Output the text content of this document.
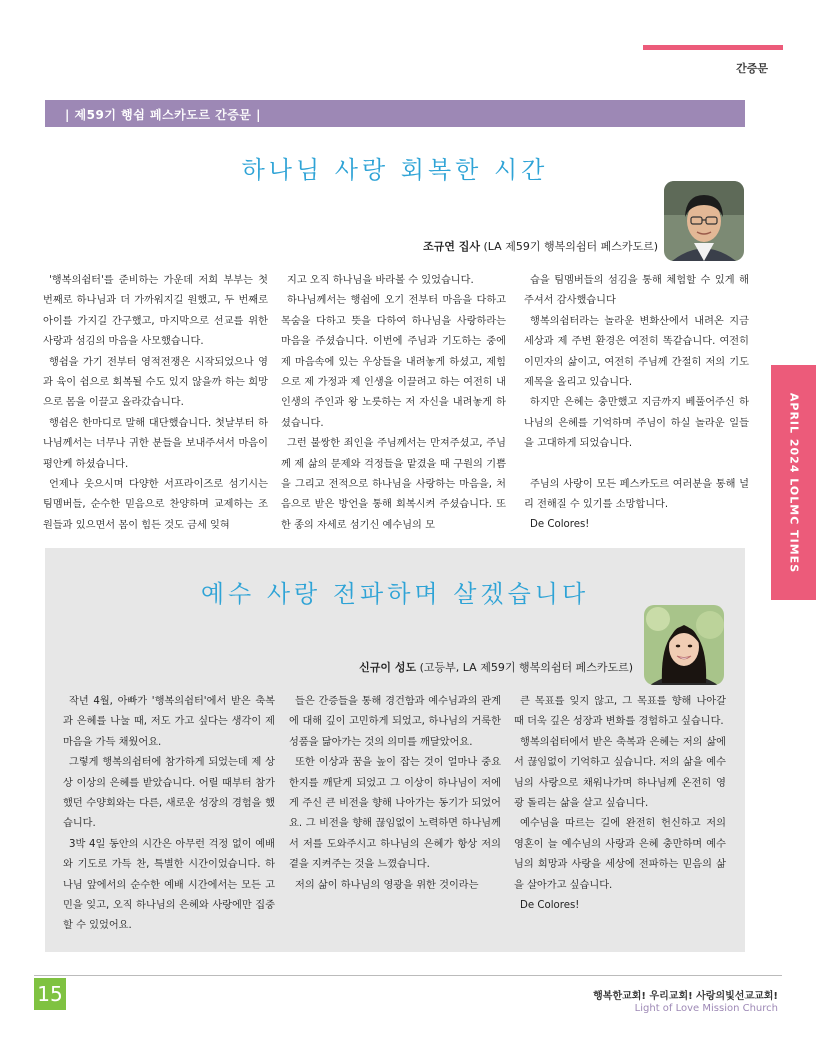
간증문
| 제59기 행쉼 페스카도르 간증문 |
하나님 사랑 회복한 시간
조규연 집사 (LA 제59기 행복의쉼터 페스카도르)

'행복의쉼터'를 준비하는 가운데 저희 부부는 첫 번째로 하나님과 더 가까워지길 원했고, 두 번째로 아이를 가지길 간구했고, 마지막으로 선교를 위한 사랑과 섬김의 마음을 사모했습니다.

행쉼을 가기 전부터 영적전쟁은 시작되었으나 영과 육이 쉼으로 회복될 수도 있지 않을까 하는 희망으로 몸을 이끌고 올라갔습니다.

행쉼은 한마디로 말해 대단했습니다. 첫날부터 하나님께서는 너무나 귀한 분들을 보내주셔서 마음이 평안케 하셨습니다.

언제나 웃으시며 다양한 서프라이즈로 섬기시는 팀멤버들, 순수한 믿음으로 찬양하며 교제하는 조원들과 있으면서 몸이 힘든 것도 금세 잊혀

지고 오직 하나님을 바라볼 수 있었습니다.

하나님께서는 행쉼에 오기 전부터 마음을 다하고 목숨을 다하고 뜻을 다하여 하나님을 사랑하라는 마음을 주셨습니다. 이번에 주님과 기도하는 중에 제 마음속에 있는 우상들을 내려놓게 하셨고, 제힘으로 제 가정과 제 인생을 이끌려고 하는 여전히 내 인생의 주인과 왕 노릇하는 저 자신을 내려놓게 하셨습니다.

그런 불쌍한 죄인을 주님께서는 만져주셨고, 주님께 제 삶의 문제와 걱정들을 맡겼을 때 구원의 기쁨을 그리고 전적으로 하나님을 사랑하는 마음을, 처음으로 받은 방언을 통해 회복시켜 주셨습니다. 또한 종의 자세로 섬기신 예수님의 모

습을 팀멤버들의 섬김을 통해 체험할 수 있게 해주셔서 감사했습니다

행복의쉼터라는 놀라운 변화산에서 내려온 지금 세상과 제 주변 환경은 여전히 똑같습니다. 여전히 이민자의 삶이고, 여전히 주님께 간절히 저의 기도 제목을 올리고 있습니다.

하지만 은혜는 충만했고 지금까지 베풀어주신 하나님의 은혜를 기억하며 주님이 하실 놀라운 일들을 고대하게 되었습니다.

주님의 사랑이 모든 페스카도르 여러분을 통해 널리 전해질 수 있기를 소망합니다.

De Colores!

예수 사랑 전파하며 살겠습니다
신규이 성도 (고등부, LA 제59기 행복의쉼터 페스카도르)

작년 4월, 아빠가 '행복의쉼터'에서 받은 축복과 은혜를 나눌 때, 저도 가고 싶다는 생각이 제 마음을 가득 채웠어요.

그렇게 행복의쉼터에 참가하게 되었는데 제 상상 이상의 은혜를 받았습니다. 어릴 때부터 참가했던 수양회와는 다른, 새로운 성장의 경험을 했습니다.

3박 4일 동안의 시간은 아무런 걱정 없이 예배와 기도로 가득 찬, 특별한 시간이었습니다. 하나님 앞에서의 순수한 예배 시간에서는 모든 고민을 잊고, 오직 하나님의 은혜와 사랑에만 집중할 수 있었어요.

들은 간증들을 통해 경건함과 예수님과의 관계에 대해 깊이 고민하게 되었고, 하나님의 거룩한 성품을 닮아가는 것의 의미를 깨달았어요.

또한 이상과 꿈을 높이 잡는 것이 얼마나 중요한지를 깨닫게 되었고 그 이상이 하나님이 저에게 주신 큰 비전을 향해 나아가는 동기가 되었어요. 그 비전을 향해 끊임없이 노력하면 하나님께서 저를 도와주시고 하나님의 은혜가 항상 저의 곁을 지켜주는 것을 느꼈습니다.

저의 삶이 하나님의 영광을 위한 것이라는

큰 목표를 잊지 않고, 그 목표를 향해 나아갈 때 더욱 깊은 성장과 변화를 경험하고 싶습니다.

행복의쉼터에서 받은 축복과 은혜는 저의 삶에서 끊임없이 기억하고 싶습니다. 저의 삶을 예수님의 사랑으로 채워나가며 하나님께 온전히 영광 돌리는 삶을 살고 싶습니다.

예수님을 따르는 길에 완전히 헌신하고 저의 영혼이 늘 예수님의 사랑과 은혜 충만하며 예수님의 희망과 사랑을 세상에 전파하는 믿음의 삶을 살아가고 싶습니다.

De Colores!

APRIL 2024 LOLMC TIMES
15	행복한교회! 우리교회! 사랑의빛선교교회!
Light of Love Mission Church
